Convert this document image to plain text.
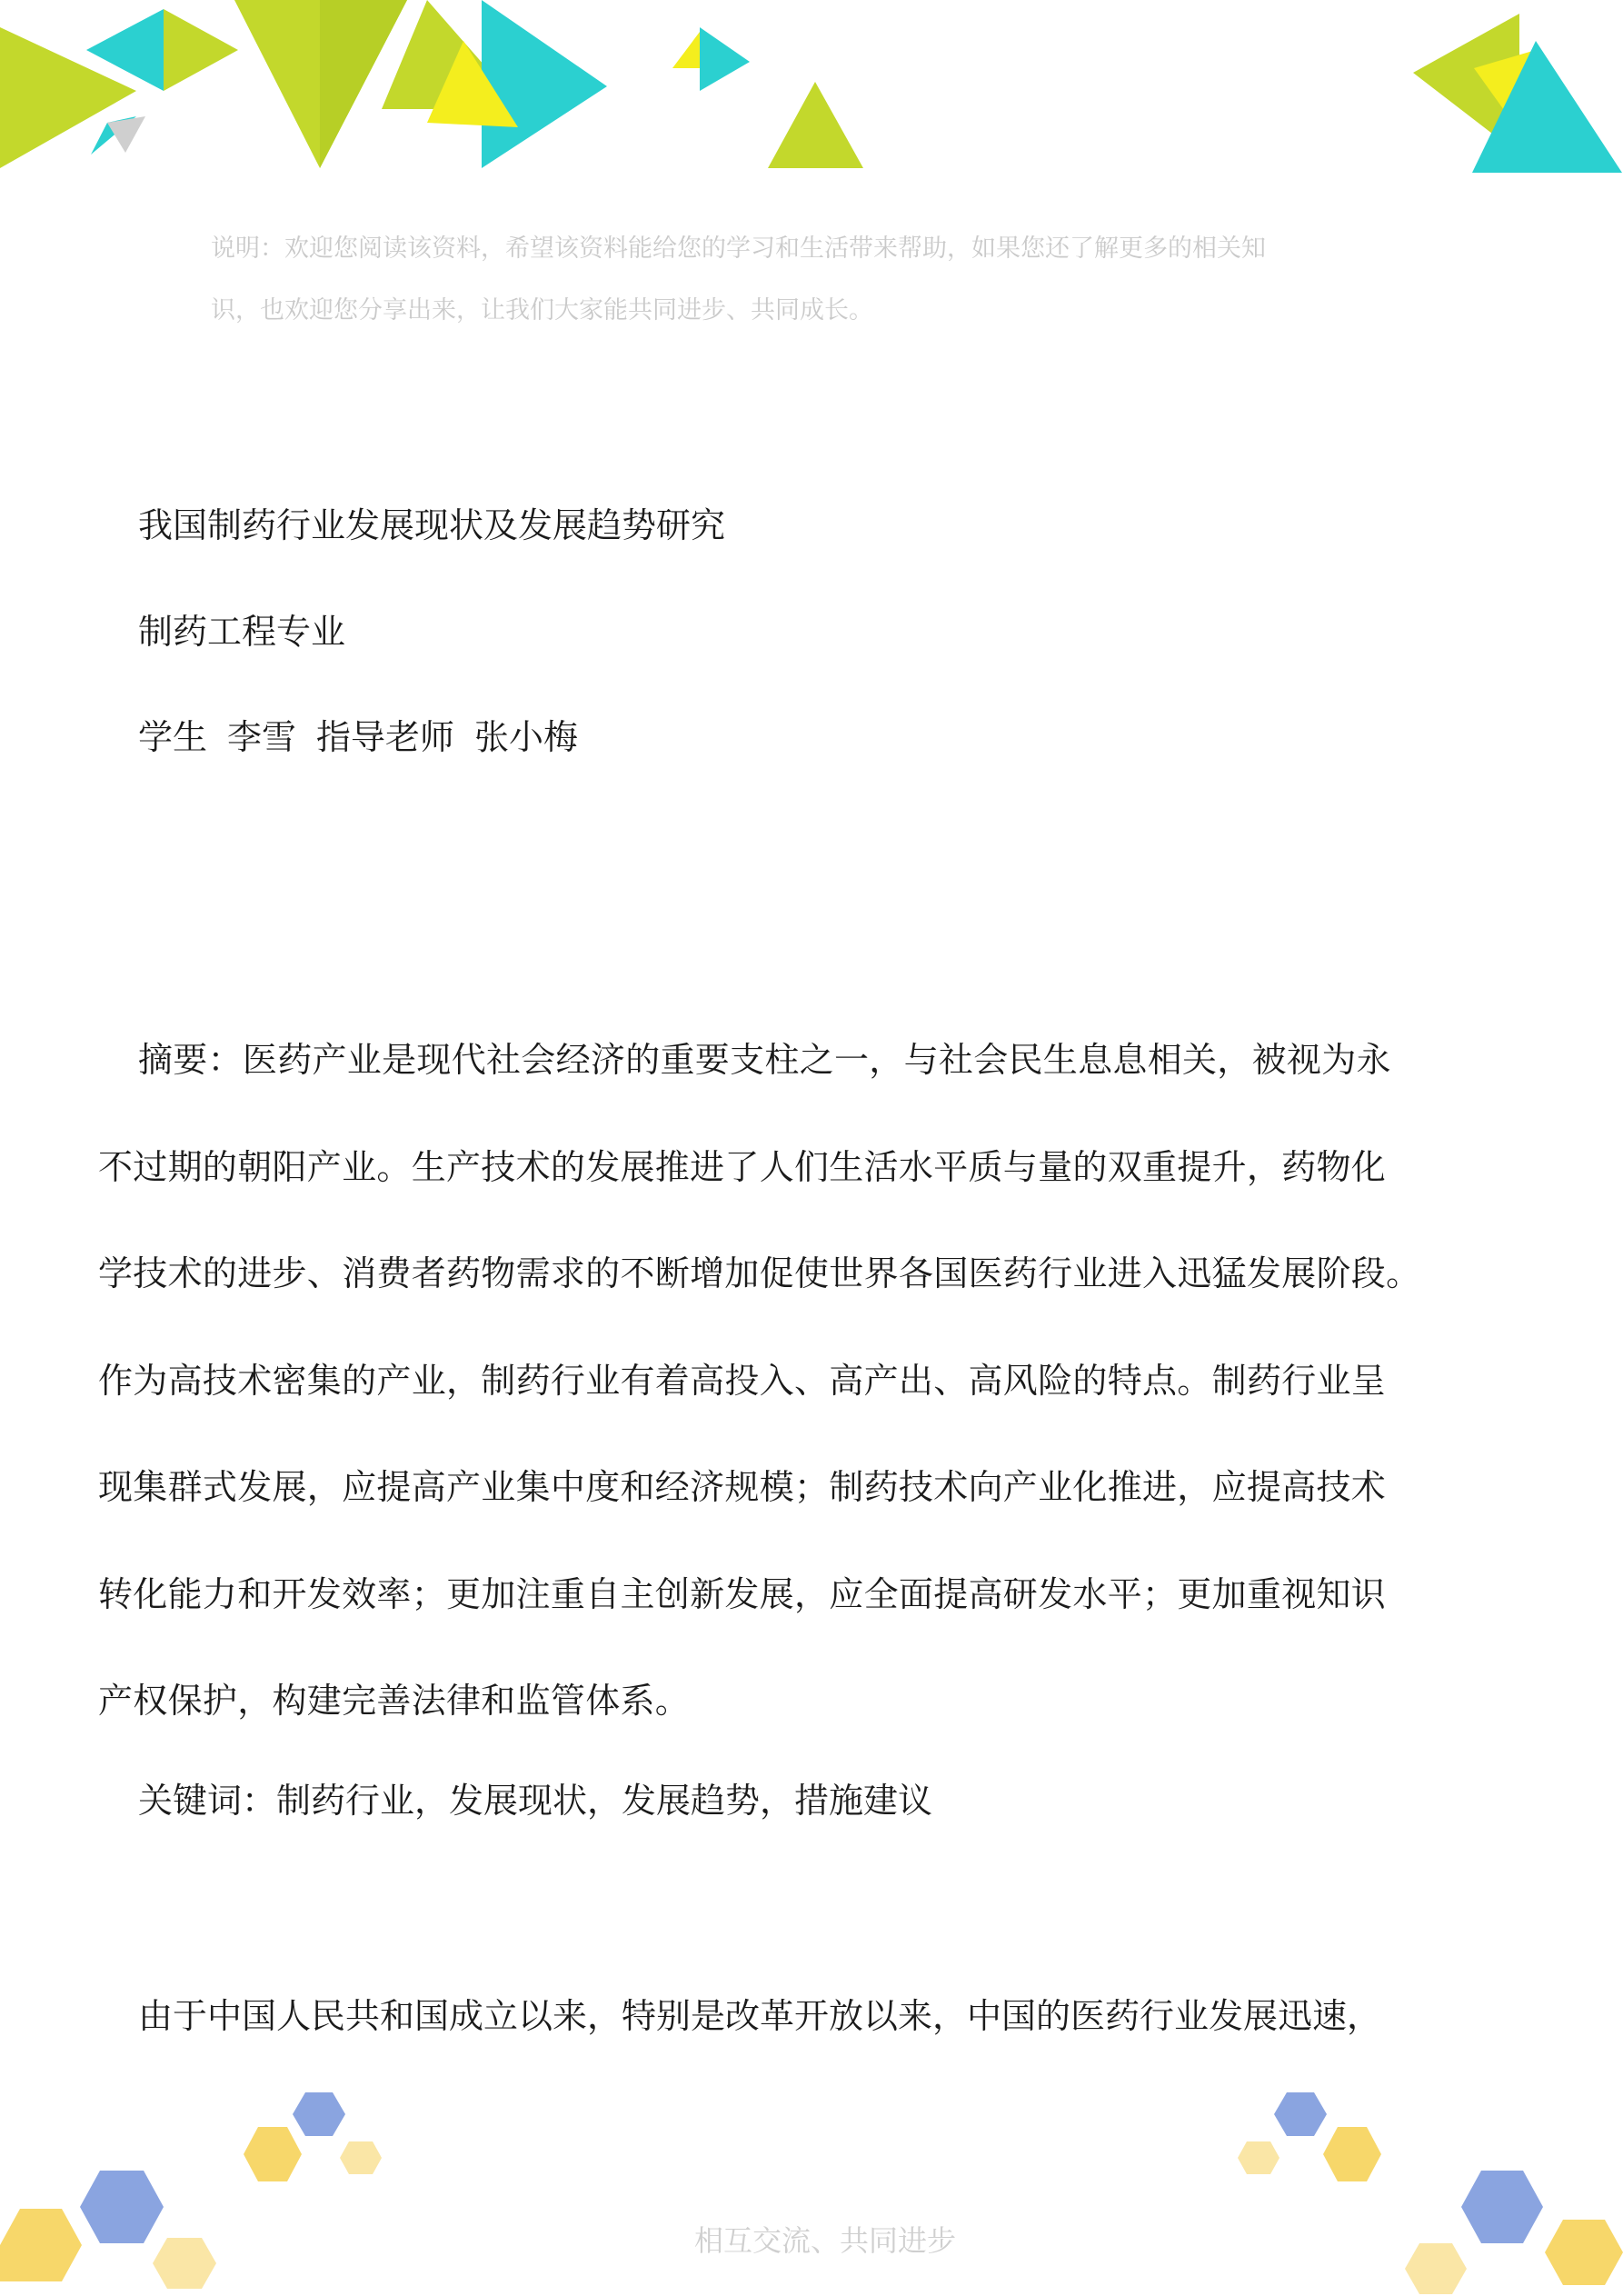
说明：欢迎您阅读该资料，希望该资料能给您的学习和生活带来帮助，如果您还了解更多的相关知

识，也欢迎您分享出来，让我们大家能共同进步、共同成长。

我国制药行业发展现状及发展趋势研究

制药工程专业

学生 李雪 指导老师 张小梅

摘要：医药产业是现代社会经济的重要支柱之一，与社会民生息息相关，被视为永
不过期的朝阳产业。生产技术的发展推进了人们生活水平质与量的双重提升，药物化
学技术的进步、消费者药物需求的不断增加促使世界各国医药行业进入迅猛发展阶段。
作为高技术密集的产业，制药行业有着高投入、高产出、高风险的特点。制药行业呈
现集群式发展，应提高产业集中度和经济规模；制药技术向产业化推进，应提高技术
转化能力和开发效率；更加注重自主创新发展，应全面提高研发水平；更加重视知识
产权保护，构建完善法律和监管体系。

关键词：制药行业，发展现状，发展趋势，措施建议

由于中国人民共和国成立以来，特别是改革开放以来，中国的医药行业发展迅速，

相互交流、共同进步
